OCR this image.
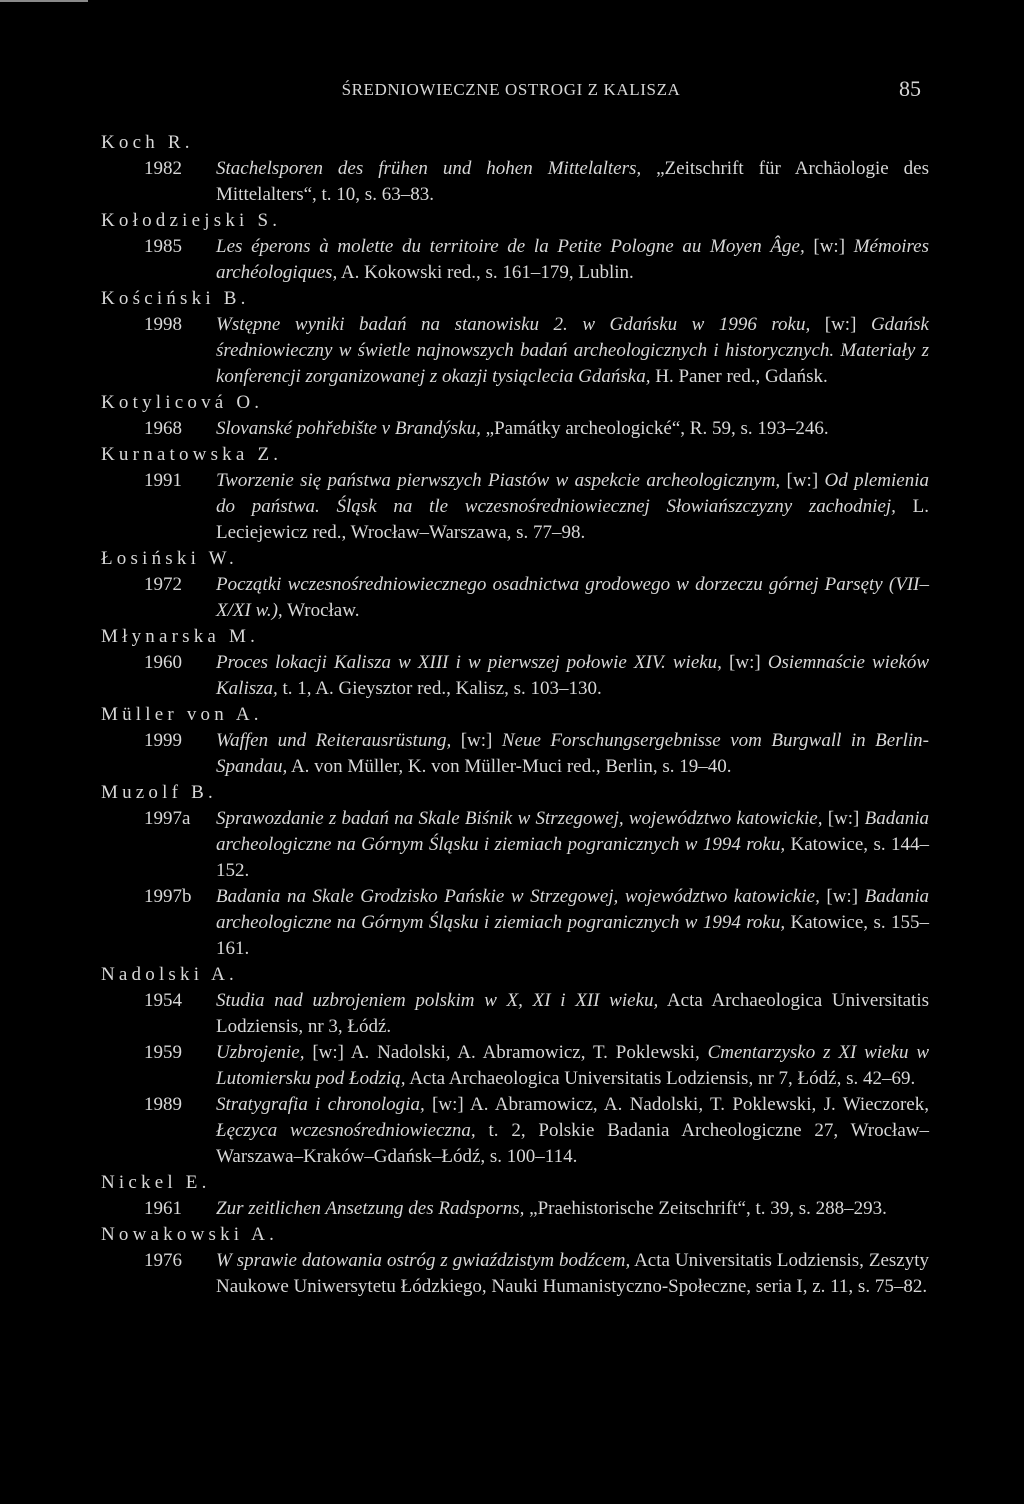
ŚREDNIOWIECZNE OSTROGI Z KALISZA	85
Koch R.
1982	Stachelsporen des frühen und hohen Mittelalters, „Zeitschrift für Archäologie des Mittelalters“, t. 10, s. 63–83.
Kołodziejski S.
1985	Les éperons à molette du territoire de la Petite Pologne au Moyen Âge, [w:] Mémoires archéologiques, A. Kokowski red., s. 161–179, Lublin.
Kościński B.
1998	Wstępne wyniki badań na stanowisku 2. w Gdańsku w 1996 roku, [w:] Gdańsk średniowieczny w świetle najnowszych badań archeologicznych i historycznych. Materiały z konferencji zorganizowanej z okazji tysiąclecia Gdańska, H. Paner red., Gdańsk.
Kotylicová O.
1968	Slovanské pohřebište v Brandýsku, „Památky archeologické“, R. 59, s. 193–246.
Kurnatowska Z.
1991	Tworzenie się państwa pierwszych Piastów w aspekcie archeologicznym, [w:] Od plemienia do państwa. Śląsk na tle wczesnośredniowiecznej Słowiańszczyzny zachodniej, L. Leciejewicz red., Wrocław–Warszawa, s. 77–98.
Łosiński W.
1972	Początki wczesnośredniowiecznego osadnictwa grodowego w dorzeczu górnej Parsęty (VII–X/XI w.), Wrocław.
Młynarska M.
1960	Proces lokacji Kalisza w XIII i w pierwszej połowie XIV. wieku, [w:] Osiemnaście wieków Kalisza, t. 1, A. Gieysztor red., Kalisz, s. 103–130.
Müller von A.
1999	Waffen und Reiterausrüstung, [w:] Neue Forschungsergebnisse vom Burgwall in Berlin-Spandau, A. von Müller, K. von Müller-Muci red., Berlin, s. 19–40.
Muzolf B.
1997a	Sprawozdanie z badań na Skale Biśnik w Strzegowej, województwo katowickie, [w:] Badania archeologiczne na Górnym Śląsku i ziemiach pogranicznych w 1994 roku, Katowice, s. 144–152.
1997b	Badania na Skale Grodzisko Pańskie w Strzegowej, województwo katowickie, [w:] Badania archeologiczne na Górnym Śląsku i ziemiach pogranicznych w 1994 roku, Katowice, s. 155–161.
Nadolski A.
1954	Studia nad uzbrojeniem polskim w X, XI i XII wieku, Acta Archaeologica Universitatis Lodziensis, nr 3, Łódź.
1959	Uzbrojenie, [w:] A. Nadolski, A. Abramowicz, T. Poklewski, Cmentarzysko z XI wieku w Lutomiersku pod Łodzią, Acta Archaeologica Universitatis Lodziensis, nr 7, Łódź, s. 42–69.
1989	Stratygrafia i chronologia, [w:] A. Abramowicz, A. Nadolski, T. Poklewski, J. Wieczorek, Łęczyca wczesnośredniowieczna, t. 2, Polskie Badania Archeologiczne 27, Wrocław–Warszawa–Kraków–Gdańsk–Łódź, s. 100–114.
Nickel E.
1961	Zur zeitlichen Ansetzung des Radsporns, „Praehistorische Zeitschrift“, t. 39, s. 288–293.
Nowakowski A.
1976	W sprawie datowania ostróg z gwiaździstym bodźcem, Acta Universitatis Lodziensis, Zeszyty Naukowe Uniwersytetu Łódzkiego, Nauki Humanistyczno-Społeczne, seria I, z. 11, s. 75–82.
